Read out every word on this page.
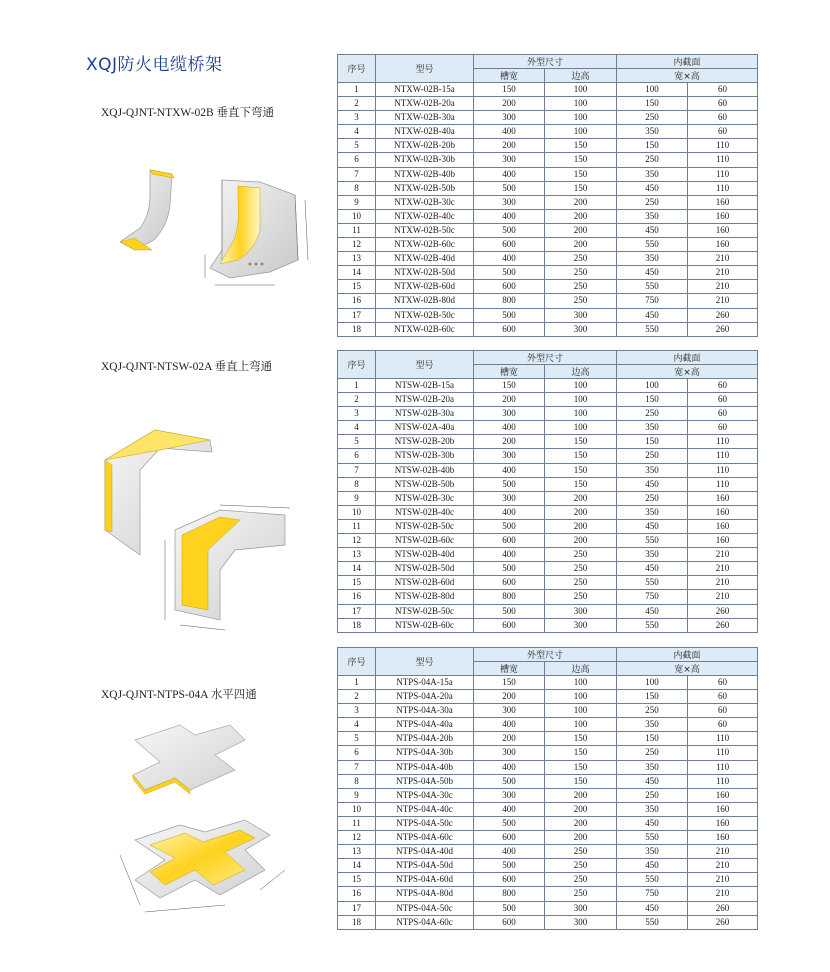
XQJ防火电缆桥架
XQJ-QJNT-NTXW-02B 垂直下弯通
XQJ-QJNT-NTSW-02A 垂直上弯通
XQJ-QJNT-NTPS-04A 水平四通
序号	型号	外型尺寸		内截面	
		槽宽	边高	宽×高	
1	NTXW-02B-15a	150	100	100	60
2	NTXW-02B-20a	200	100	150	60
3	NTXW-02B-30a	300	100	250	60
4	NTXW-02B-40a	400	100	350	60
5	NTXW-02B-20b	200	150	150	110
6	NTXW-02B-30b	300	150	250	110
7	NTXW-02B-40b	400	150	350	110
8	NTXW-02B-50b	500	150	450	110
9	NTXW-02B-30c	300	200	250	160
10	NTXW-02B-40c	400	200	350	160
11	NTXW-02B-50c	500	200	450	160
12	NTXW-02B-60c	600	200	550	160
13	NTXW-02B-40d	400	250	350	210
14	NTXW-02B-50d	500	250	450	210
15	NTXW-02B-60d	600	250	550	210
16	NTXW-02B-80d	800	250	750	210
17	NTXW-02B-50c	500	300	450	260
18	NTXW-02B-60c	600	300	550	260
序号	型号	外型尺寸		内截面	
		槽宽	边高	宽×高	
1	NTSW-02B-15a	150	100	100	60
2	NTSW-02B-20a	200	100	150	60
3	NTSW-02B-30a	300	100	250	60
4	NTSW-02A-40a	400	100	350	60
5	NTSW-02B-20b	200	150	150	110
6	NTSW-02B-30b	300	150	250	110
7	NTSW-02B-40b	400	150	350	110
8	NTSW-02B-50b	500	150	450	110
9	NTSW-02B-30c	300	200	250	160
10	NTSW-02B-40c	400	200	350	160
11	NTSW-02B-50c	500	200	450	160
12	NTSW-02B-60c	600	200	550	160
13	NTSW-02B-40d	400	250	350	210
14	NTSW-02B-50d	500	250	450	210
15	NTSW-02B-60d	600	250	550	210
16	NTSW-02B-80d	800	250	750	210
17	NTSW-02B-50c	500	300	450	260
18	NTSW-02B-60c	600	300	550	260
序号	型号	外型尺寸		内截面	
		槽宽	边高	宽×高	
1	NTPS-04A-15a	150	100	100	60
2	NTPS-04A-20a	200	100	150	60
3	NTPS-04A-30a	300	100	250	60
4	NTPS-04A-40a	400	100	350	60
5	NTPS-04A-20b	200	150	150	110
6	NTPS-04A-30b	300	150	250	110
7	NTPS-04A-40b	400	150	350	110
8	NTPS-04A-50b	500	150	450	110
9	NTPS-04A-30c	300	200	250	160
10	NTPS-04A-40c	400	200	350	160
11	NTPS-04A-50c	500	200	450	160
12	NTPS-04A-60c	600	200	550	160
13	NTPS-04A-40d	400	250	350	210
14	NTPS-04A-50d	500	250	450	210
15	NTPS-04A-60d	600	250	550	210
16	NTPS-04A-80d	800	250	750	210
17	NTPS-04A-50c	500	300	450	260
18	NTPS-04A-60c	600	300	550	260
